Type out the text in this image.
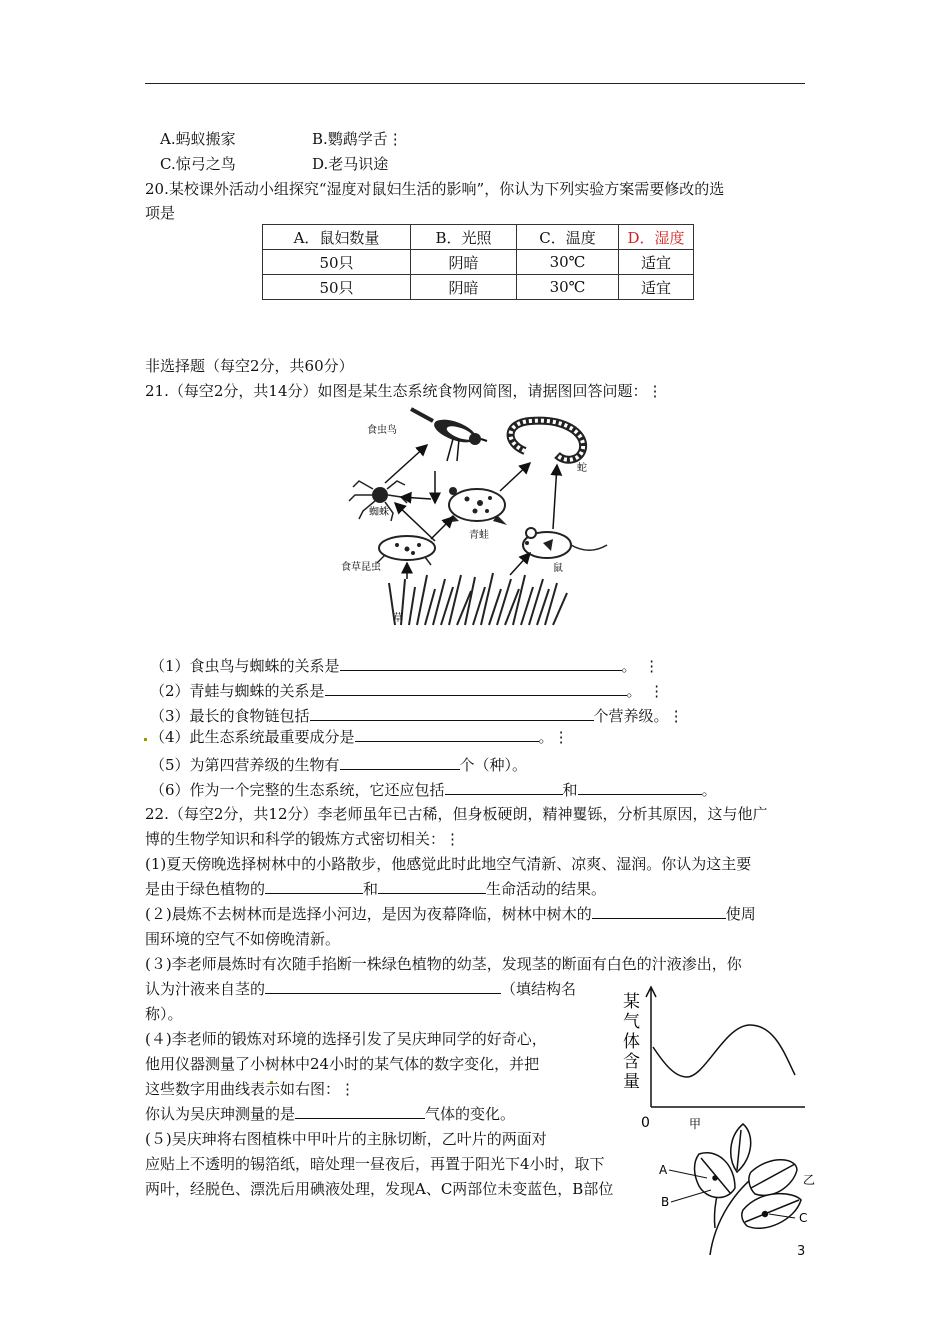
A.蚂蚁搬家	B.鹦鹉学舌⋮
C.惊弓之鸟	D.老马识途
20.某校课外活动小组探究“湿度对鼠妇生活的影响”，你认为下列实验方案需要修改的选
项是
A．鼠妇数量	B．光照	C．温度	D．湿度
50只	阴暗	30℃	适宜
50只	阴暗	30℃	适宜
非选择题（每空2分，共60分）
21.（每空2分，共14分）如图是某生态系统食物网简图，请据图回答问题：⋮
食虫鸟
蛇
蜘蛛
青蛙
食草昆虫	鼠
草
（1）食虫鸟与蜘蛛的关系是	。　⋮
（2）青蛙与蜘蛛的关系是	。　⋮
（3）最长的食物链包括	个营养级。⋮
（4）此生态系统最重要成分是	。⋮
（5）为第四营养级的生物有	个（种）。
（6）作为一个完整的生态系统，它还应包括	和	。
22.（每空2分，共12分）李老师虽年已古稀，但身板硬朗，精神矍铄，分析其原因，这与他广
博的生物学知识和科学的锻炼方式密切相关：⋮
(1)夏天傍晚选择树林中的小路散步，他感觉此时此地空气清新、凉爽、湿润。你认为这主要
是由于绿色植物的	和	生命活动的结果。
(２)晨炼不去树林而是选择小河边，是因为夜幕降临，树林中树木的	使周
围环境的空气不如傍晚清新。
(３)李老师晨炼时有次随手掐断一株绿色植物的幼茎，发现茎的断面有白色的汁液渗出，你
认为汁液来自茎的	（填结构名
称）。
(４)李老师的锻炼对环境的选择引发了吴庆珅同学的好奇心，
他用仪器测量了小树林中24小时的某气体的数字变化，并把
这些数字用曲线表示如右图：⋮
你认为吴庆珅测量的是	气体的变化。
(５)吴庆珅将右图植株中甲叶片的主脉切断，乙叶片的两面对
应贴上不透明的锡箔纸，暗处理一昼夜后，再置于阳光下4小时，取下
两叶，经脱色、漂洗后用碘液处理，发现A、C两部位未变蓝色，B部位
某
气
体
含
量
0	甲
乙
A
B
C
3
